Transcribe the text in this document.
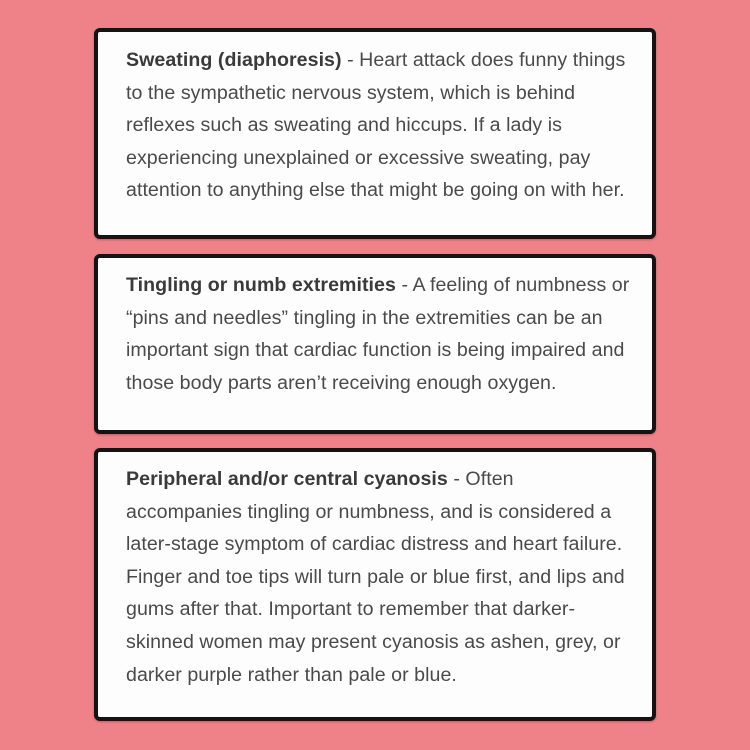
Sweating (diaphoresis) - Heart attack does funny things to the sympathetic nervous system, which is behind reflexes such as sweating and hiccups. If a lady is experiencing unexplained or excessive sweating, pay attention to anything else that might be going on with her.

Tingling or numb extremities - A feeling of numbness or “pins and needles” tingling in the extremities can be an important sign that cardiac function is being impaired and those body parts aren’t receiving enough oxygen.

Peripheral and/or central cyanosis - Often accompanies tingling or numbness, and is considered a later-stage symptom of cardiac distress and heart failure. Finger and toe tips will turn pale or blue first, and lips and gums after that. Important to remember that darker-skinned women may present cyanosis as ashen, grey, or darker purple rather than pale or blue.
